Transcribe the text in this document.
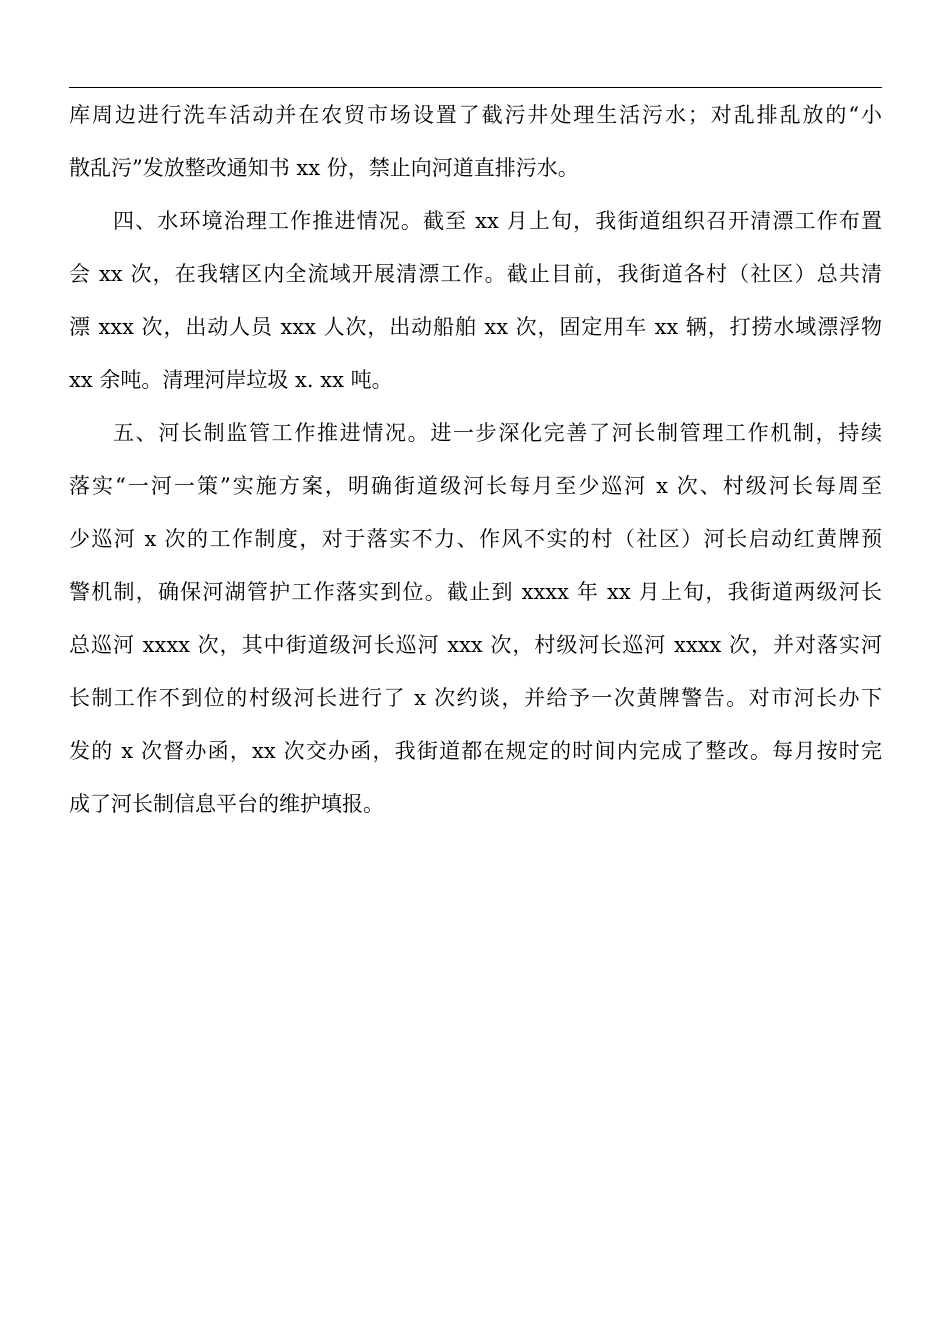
库周边进行洗车活动并在农贸市场设置了截污井处理生活污水；对乱排乱放的“小
散乱污”发放整改通知书 xx 份，禁止向河道直排污水。
四、水环境治理工作推进情况。截至 xx 月上旬，我街道组织召开清漂工作布置
会 xx 次，在我辖区内全流域开展清漂工作。截止目前，我街道各村（社区）总共清
漂 xxx 次，出动人员 xxx 人次，出动船舶 xx 次，固定用车 xx 辆，打捞水域漂浮物
xx 余吨。清理河岸垃圾 x. xx 吨。
五、河长制监管工作推进情况。进一步深化完善了河长制管理工作机制，持续
落实“一河一策”实施方案，明确街道级河长每月至少巡河 x 次、村级河长每周至
少巡河 x 次的工作制度，对于落实不力、作风不实的村（社区）河长启动红黄牌预
警机制，确保河湖管护工作落实到位。截止到 xxxx 年 xx 月上旬，我街道两级河长
总巡河 xxxx 次，其中街道级河长巡河 xxx 次，村级河长巡河 xxxx 次，并对落实河
长制工作不到位的村级河长进行了 x 次约谈，并给予一次黄牌警告。对市河长办下
发的 x 次督办函，xx 次交办函，我街道都在规定的时间内完成了整改。每月按时完
成了河长制信息平台的维护填报。
